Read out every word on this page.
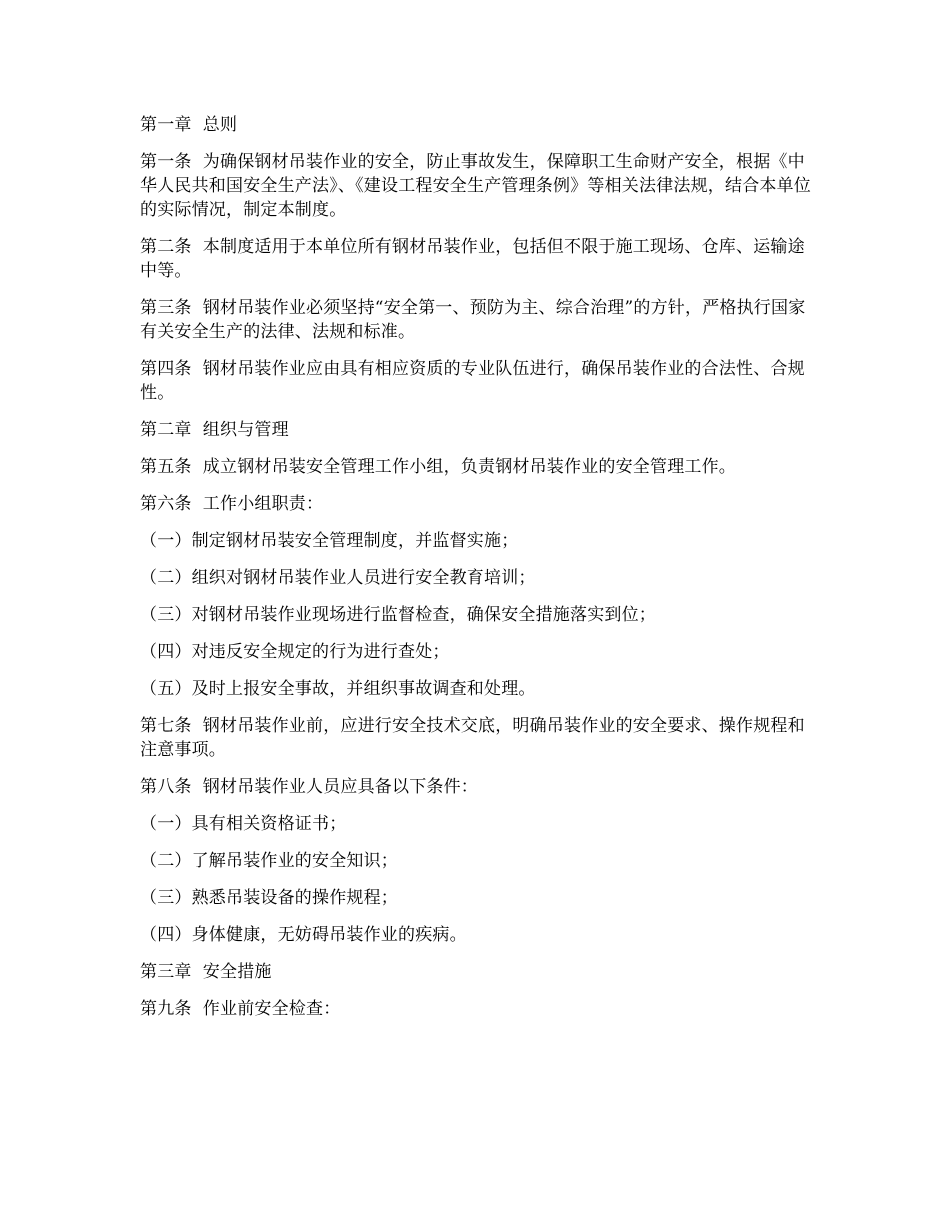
第一章  总则

第一条  为确保钢材吊装作业的安全，防止事故发生，保障职工生命财产安全，根据《中华人民共和国安全生产法》、《建设工程安全生产管理条例》等相关法律法规，结合本单位的实际情况，制定本制度。

第二条  本制度适用于本单位所有钢材吊装作业，包括但不限于施工现场、仓库、运输途中等。

第三条  钢材吊装作业必须坚持“安全第一、预防为主、综合治理”的方针，严格执行国家有关安全生产的法律、法规和标准。

第四条  钢材吊装作业应由具有相应资质的专业队伍进行，确保吊装作业的合法性、合规性。

第二章  组织与管理

第五条  成立钢材吊装安全管理工作小组，负责钢材吊装作业的安全管理工作。

第六条  工作小组职责：

（一）制定钢材吊装安全管理制度，并监督实施；

（二）组织对钢材吊装作业人员进行安全教育培训；

（三）对钢材吊装作业现场进行监督检查，确保安全措施落实到位；

（四）对违反安全规定的行为进行查处；

（五）及时上报安全事故，并组织事故调查和处理。

第七条  钢材吊装作业前，应进行安全技术交底，明确吊装作业的安全要求、操作规程和注意事项。

第八条  钢材吊装作业人员应具备以下条件：

（一）具有相关资格证书；

（二）了解吊装作业的安全知识；

（三）熟悉吊装设备的操作规程；

（四）身体健康，无妨碍吊装作业的疾病。

第三章  安全措施

第九条  作业前安全检查：
